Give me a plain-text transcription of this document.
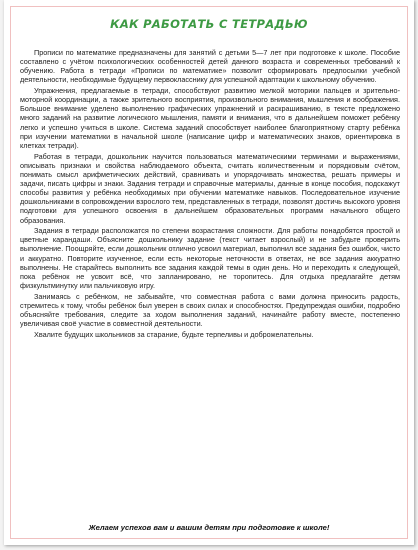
КАК РАБОТАТЬ С ТЕТРАДЬЮ

Прописи по математике предназначены для занятий с детьми 5—7 лет при подготовке к школе. Пособие составлено с учётом психологических особенностей детей данного возраста и современных требований к обучению. Работа в тетради «Прописи по математике» позволит сформировать предпосылки учебной деятельности, необходимые будущему первокласснику для успешной адаптации к школьному обучению.

Упражнения, предлагаемые в тетради, способствуют развитию мелкой моторики пальцев и зрительно-моторной координации, а также зрительного восприятия, произвольного внимания, мышления и воображения. Большое внимание уделено выполнению графических упражнений и раскрашиванию, в тексте предложено много заданий на развитие логического мышления, памяти и внимания, что в дальнейшем поможет ребёнку легко и успешно учиться в школе. Система заданий способствует наиболее благоприятному старту ребёнка при изучении математики в начальной школе (написание цифр и математических знаков, ориентировка в клетках тетради).

Работая в тетради, дошкольник научится пользоваться математическими терминами и выражениями, описывать признаки и свойства наблюдаемого объекта, считать количественным и порядковым счётом, понимать смысл арифметических действий, сравнивать и упорядочивать множества, решать примеры и задачи, писать цифры и знаки. Задания тетради и справочные материалы, данные в конце пособия, подскажут способы развития у ребёнка необходимых при обучении математике навыков. Последовательное изучение дошкольниками в сопровождении взрослого тем, представленных в тетради, позволят достичь высокого уровня подготовки для успешного освоения в дальнейшем образовательных программ начального общего образования.

Задания в тетради расположатся по степени возрастания сложности. Для работы понадобятся простой и цветные карандаши. Объясните дошкольнику задание (текст читает взрослый) и не забудьте проверить выполнение. Поощряйте, если дошкольник отлично усвоил материал, выполнил все задания без ошибок, чисто и аккуратно. Повторите изученное, если есть некоторые неточности в ответах, не все задания аккуратно выполнены. Не старайтесь выполнить все задания каждой темы в один день. Но и переходить к следующей, пока ребёнок не усвоит всё, что запланировано, не торопитесь. Для отдыха предлагайте детям физкультминутку или пальчиковую игру.

Занимаясь с ребёнком, не забывайте, что совместная работа с вами должна приносить радость, стремитесь к тому, чтобы ребёнок был уверен в своих силах и способностях. Предупреждая ошибки, подробно объясняйте требования, следите за ходом выполнения заданий, начинайте работу вместе, постепенно увеличивая своё участие в совместной деятельности.

Хвалите будущих школьников за старание, будьте терпеливы и доброжелательны.

Желаем успехов вам и вашим детям при подготовке к школе!
